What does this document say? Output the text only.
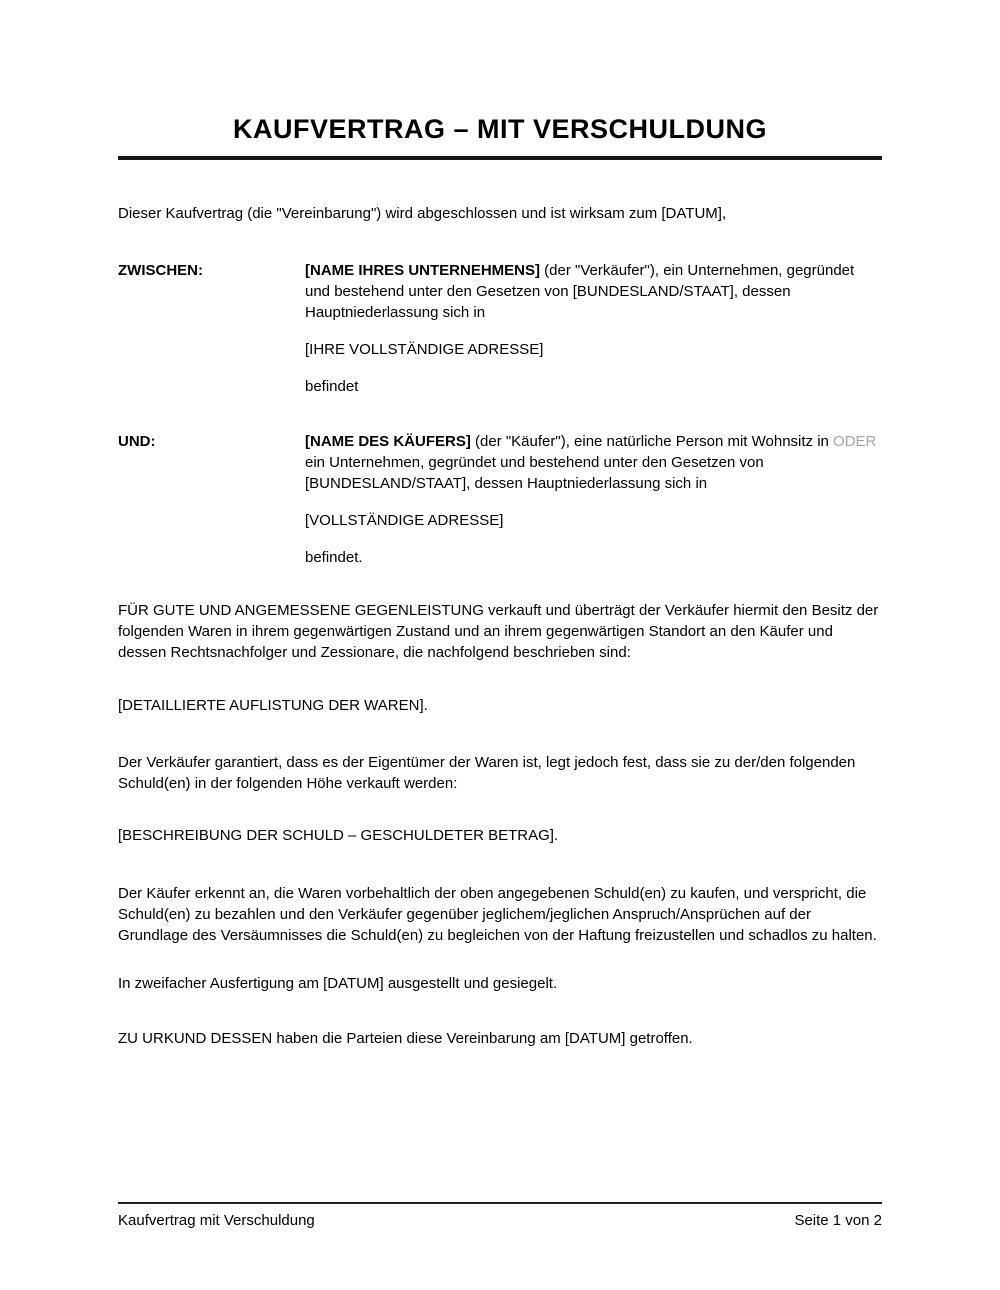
KAUFVERTRAG – MIT VERSCHULDUNG

Dieser Kaufvertrag (die "Vereinbarung") wird abgeschlossen und ist wirksam zum [DATUM],

ZWISCHEN:	[NAME IHRES UNTERNEHMENS] (der "Verkäufer"), ein Unternehmen, gegründet und bestehend unter den Gesetzen von [BUNDESLAND/STAAT], dessen Hauptniederlassung sich in

[IHRE VOLLSTÄNDIGE ADRESSE]

befindet

UND:	[NAME DES KÄUFERS] (der "Käufer"), eine natürliche Person mit Wohnsitz in ODER ein Unternehmen, gegründet und bestehend unter den Gesetzen von [BUNDESLAND/STAAT], dessen Hauptniederlassung sich in

[VOLLSTÄNDIGE ADRESSE]

befindet.

FÜR GUTE UND ANGEMESSENE GEGENLEISTUNG verkauft und überträgt der Verkäufer hiermit den Besitz der folgenden Waren in ihrem gegenwärtigen Zustand und an ihrem gegenwärtigen Standort an den Käufer und dessen Rechtsnachfolger und Zessionare, die nachfolgend beschrieben sind:

[DETAILLIERTE AUFLISTUNG DER WAREN].

Der Verkäufer garantiert, dass es der Eigentümer der Waren ist, legt jedoch fest, dass sie zu der/den folgenden Schuld(en) in der folgenden Höhe verkauft werden:

[BESCHREIBUNG DER SCHULD – GESCHULDETER BETRAG].

Der Käufer erkennt an, die Waren vorbehaltlich der oben angegebenen Schuld(en) zu kaufen, und verspricht, die Schuld(en) zu bezahlen und den Verkäufer gegenüber jeglichem/jeglichen Anspruch/Ansprüchen auf der Grundlage des Versäumnisses die Schuld(en) zu begleichen von der Haftung freizustellen und schadlos zu halten.

In zweifacher Ausfertigung am [DATUM] ausgestellt und gesiegelt.

ZU URKUND DESSEN haben die Parteien diese Vereinbarung am [DATUM] getroffen.

Kaufvertrag mit Verschuldung	Seite 1 von 2
